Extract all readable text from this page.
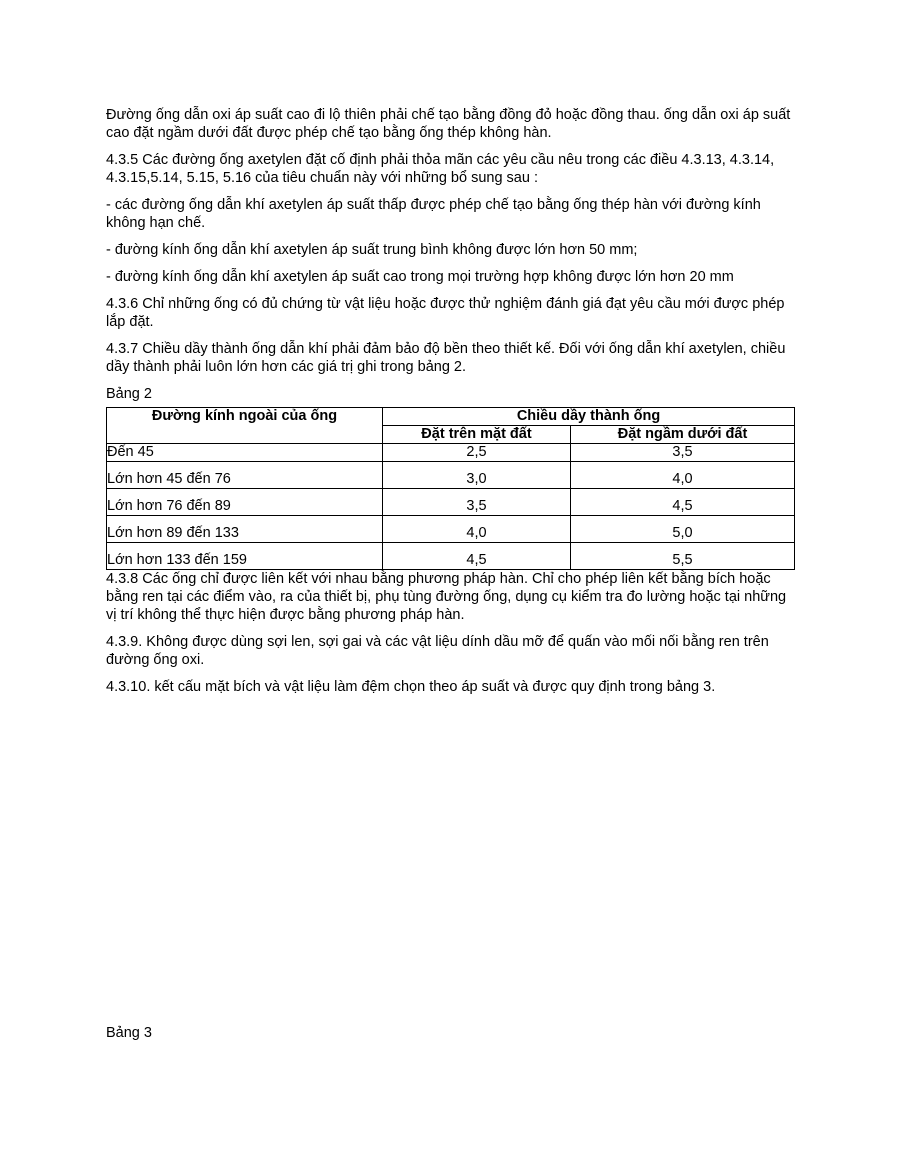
Đường ống dẫn oxi áp suất cao đi lộ thiên phải chế tạo bằng đồng đỏ hoặc đồng thau. ống dẫn oxi áp suất cao đặt ngầm dưới đất được phép chế tạo bằng ống thép không hàn.

4.3.5 Các đường ống axetylen đặt cố định phải thỏa mãn các yêu cầu nêu trong các điều 4.3.13, 4.3.14, 4.3.15,5.14, 5.15, 5.16 của tiêu chuẩn này với những bổ sung sau :

- các đường ống dẫn khí axetylen áp suất thấp được phép chế tạo bằng ống thép hàn với đường kính không hạn chế.

- đường kính ống dẫn khí axetylen áp suất trung bình không được lớn hơn 50 mm;

- đường kính ống dẫn khí axetylen áp suất cao trong mọi trường hợp không được lớn hơn 20 mm

4.3.6 Chỉ những ống có đủ chứng từ vật liệu hoặc được thử nghiệm đánh giá đạt yêu cầu mới được phép lắp đặt.

4.3.7 Chiều dầy thành ống dẫn khí phải đảm bảo độ bền theo thiết kế. Đối với ống dẫn khí axetylen, chiều dầy thành phải luôn lớn hơn các giá trị ghi trong bảng 2.

Bảng 2

Đường kính ngoài của ống	Chiều dầy thành ống	
	Đặt trên mặt đất	Đặt ngầm dưới đất
Đến 45	2,5	3,5
Lớn hơn 45 đến 76	3,0	4,0
Lớn hơn 76 đến 89	3,5	4,5
Lớn hơn 89 đến 133	4,0	5,0
Lớn hơn 133 đến 159	4,5	5,5

4.3.8 Các ống chỉ được liên kết với nhau bằng phương pháp hàn. Chỉ cho phép liên kết bằng bích hoặc bằng ren tại các điểm vào, ra của thiết bị, phụ tùng đường ống, dụng cụ kiểm tra đo lường hoặc tại những vị trí không thể thực hiện được bằng phương pháp hàn.

4.3.9. Không được dùng sợi len, sợi gai và các vật liệu dính dầu mỡ để quấn vào mối nối bằng ren trên đường ống oxi.

4.3.10. kết cấu mặt bích và vật liệu làm đệm chọn theo áp suất và được quy định trong bảng 3.

Bảng 3
